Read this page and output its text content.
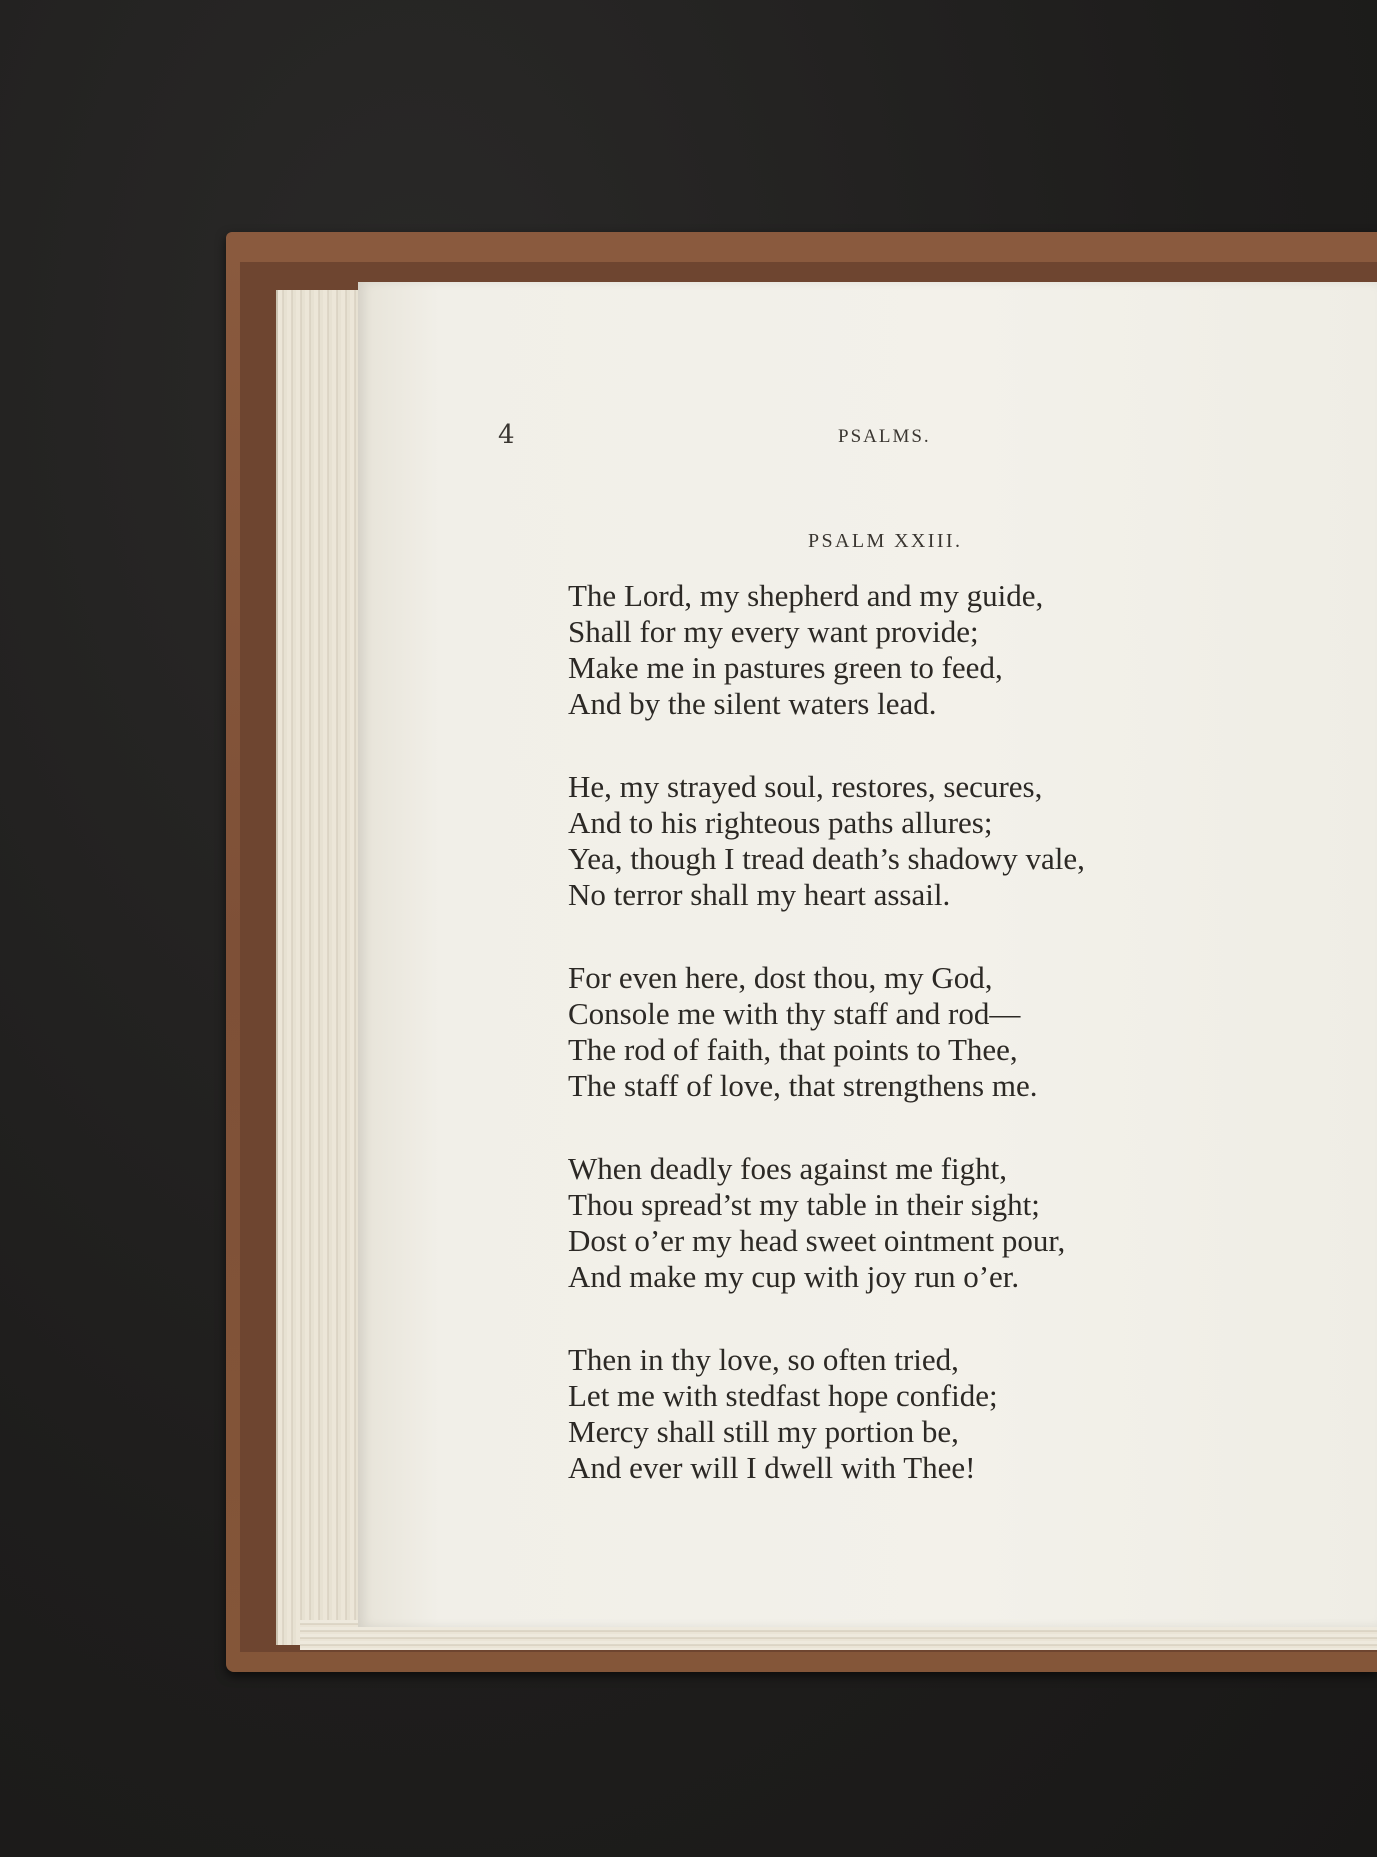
4	PSALMS.
PSALM XXIII.
The Lord, my shepherd and my guide,
Shall for my every want provide;
Make me in pastures green to feed,
And by the silent waters lead.
He, my strayed soul, restores, secures,
And to his righteous paths allures;
Yea, though I tread death’s shadowy vale,
No terror shall my heart assail.
For even here, dost thou, my God,
Console me with thy staff and rod—
The rod of faith, that points to Thee,
The staff of love, that strengthens me.
When deadly foes against me fight,
Thou spread’st my table in their sight;
Dost o’er my head sweet ointment pour,
And make my cup with joy run o’er.
Then in thy love, so often tried,
Let me with stedfast hope confide;
Mercy shall still my portion be,
And ever will I dwell with Thee!
